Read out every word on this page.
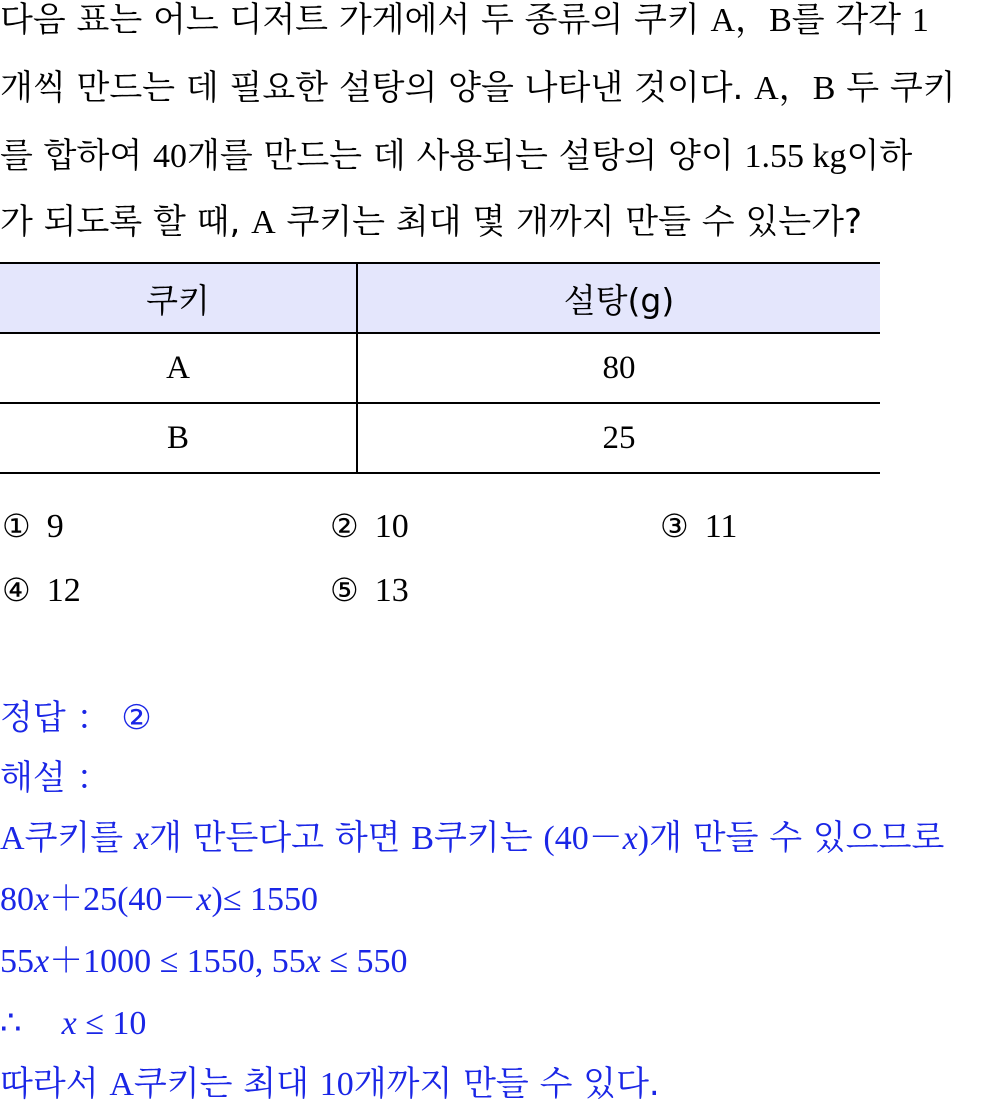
다음 표는 어느 디저트 가게에서 두 종류의 쿠키 A，B를 각각 1
개씩 만드는 데 필요한 설탕의 양을 나타낸 것이다. A，B 두 쿠키
를 합하여 40개를 만드는 데 사용되는 설탕의 양이 1.55 kg이하
가 되도록 할 때, A 쿠키는 최대 몇 개까지 만들 수 있는가?
쿠키	설탕(g)
A	80
B	25
① 9	② 10	③ 11
④ 12	⑤ 13
정답 ： ②
해설 ：
A쿠키를 x개 만든다고 하면 B쿠키는 (40－x)개 만들 수 있으므로
80x＋25(40－x)≤ 1550
55x＋1000 ≤ 1550, 55x ≤ 550
∴ x ≤ 10
따라서 A쿠키는 최대 10개까지 만들 수 있다.
